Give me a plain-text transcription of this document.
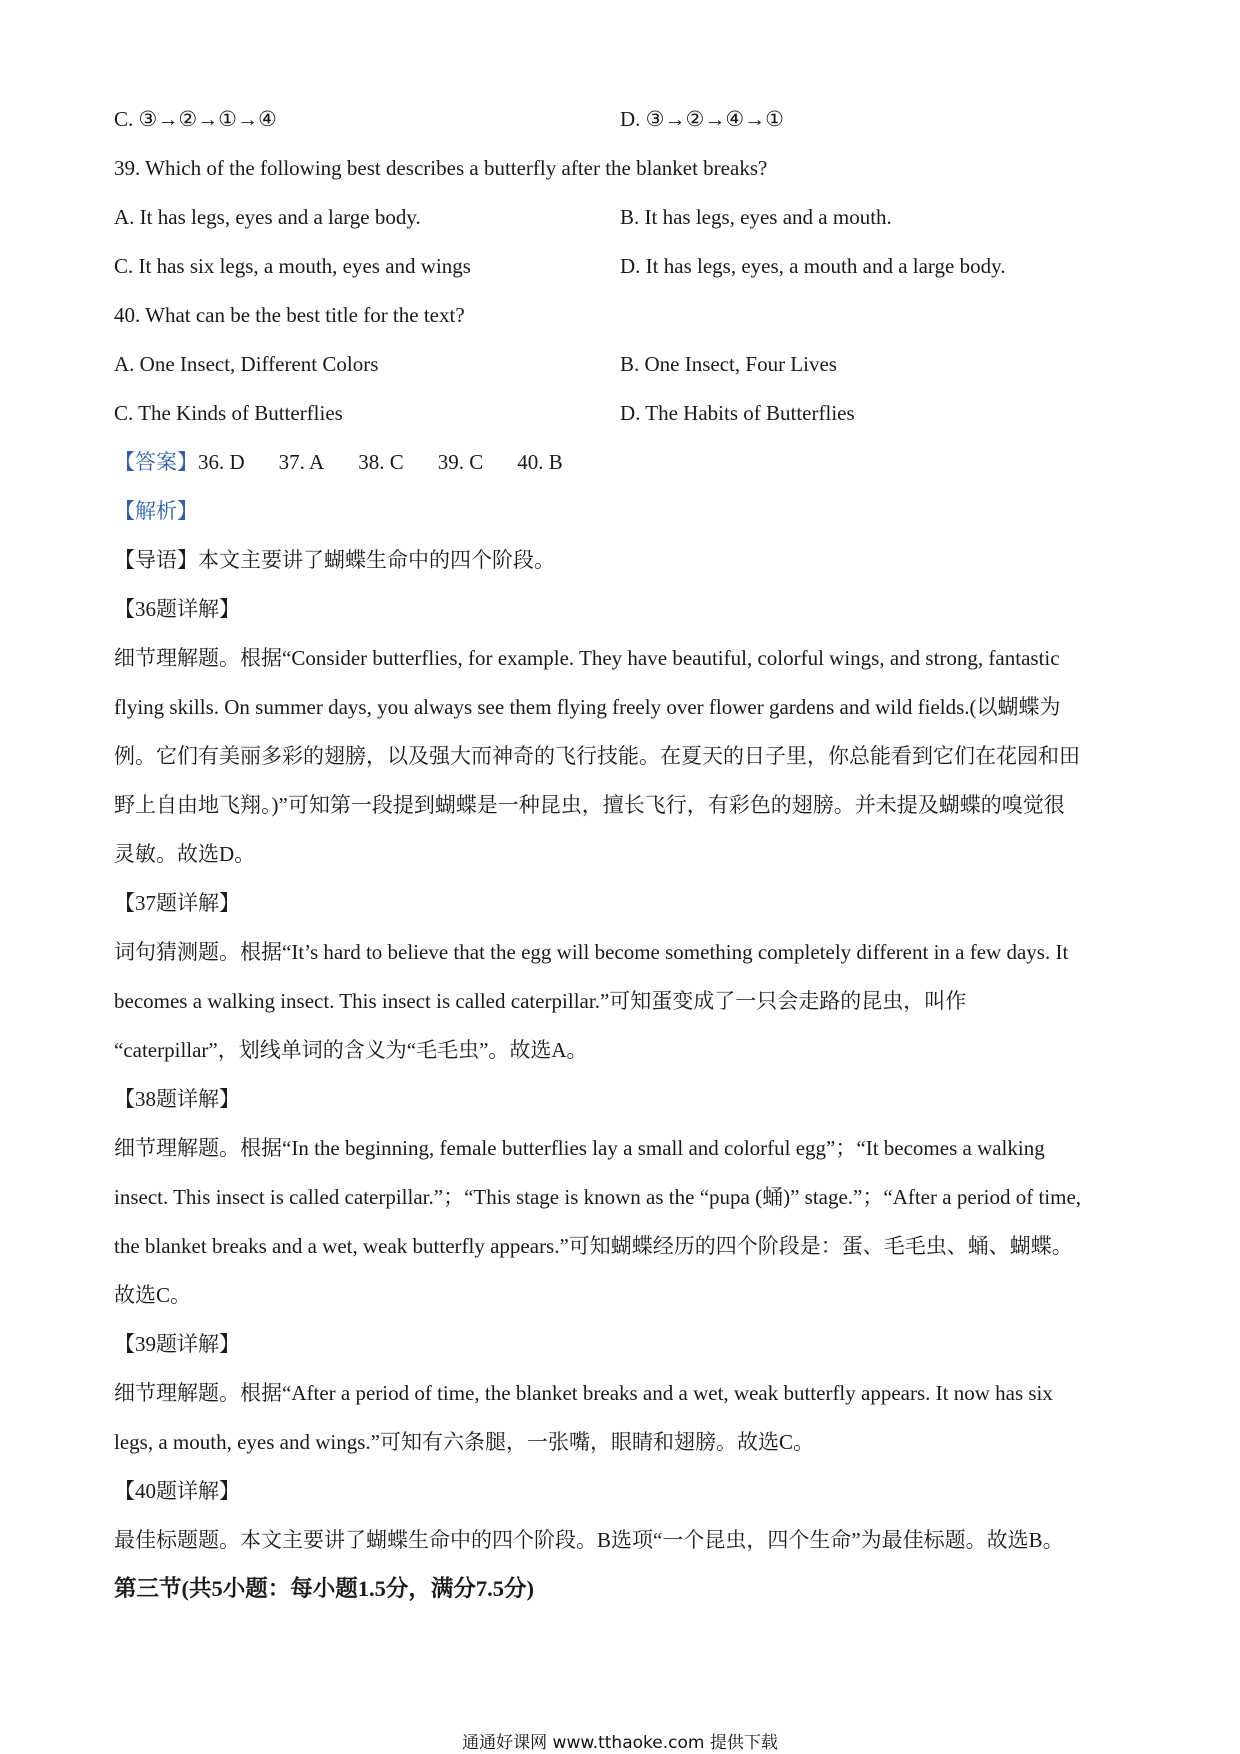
C. ③→②→①→④	D. ③→②→④→①
39. Which of the following best describes a butterfly after the blanket breaks?
A. It has legs, eyes and a large body.	B. It has legs, eyes and a mouth.
C. It has six legs, a mouth, eyes and wings	D. It has legs, eyes, a mouth and a large body.
40. What can be the best title for the text?
A. One Insect, Different Colors	B. One Insect, Four Lives
C. The Kinds of Butterflies	D. The Habits of Butterflies
【答案】36. D 37. A 38. C 39. C 40. B
【解析】
【导语】本文主要讲了蝴蝶生命中的四个阶段。
【36题详解】
细节理解题。根据“Consider butterflies, for example. They have beautiful, colorful wings, and strong, fantastic
flying skills. On summer days, you always see them flying freely over flower gardens and wild fields.(以蝴蝶为
例。它们有美丽多彩的翅膀，以及强大而神奇的飞行技能。在夏天的日子里，你总能看到它们在花园和田
野上自由地飞翔。)”可知第一段提到蝴蝶是一种昆虫，擅长飞行，有彩色的翅膀。并未提及蝴蝶的嗅觉很
灵敏。故选D。
【37题详解】
词句猜测题。根据“It’s hard to believe that the egg will become something completely different in a few days. It
becomes a walking insect. This insect is called caterpillar.”可知蛋变成了一只会走路的昆虫，叫作
“caterpillar”，划线单词的含义为“毛毛虫”。故选A。
【38题详解】
细节理解题。根据“In the beginning, female butterflies lay a small and colorful egg”；“It becomes a walking
insect. This insect is called caterpillar.”；“This stage is known as the “pupa (蛹)” stage.”；“After a period of time,
the blanket breaks and a wet, weak butterfly appears.”可知蝴蝶经历的四个阶段是：蛋、毛毛虫、蛹、蝴蝶。
故选C。
【39题详解】
细节理解题。根据“After a period of time, the blanket breaks and a wet, weak butterfly appears. It now has six
legs, a mouth, eyes and wings.”可知有六条腿，一张嘴，眼睛和翅膀。故选C。
【40题详解】
最佳标题题。本文主要讲了蝴蝶生命中的四个阶段。B选项“一个昆虫，四个生命”为最佳标题。故选B。
第三节(共5小题：每小题1.5分，满分7.5分)
通通好课网 www.tthaoke.com 提供下载
